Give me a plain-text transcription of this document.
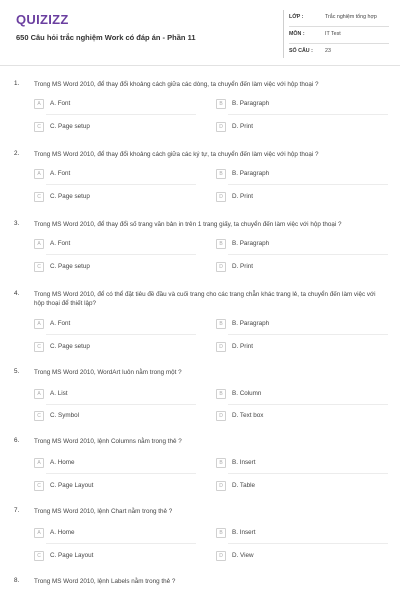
QUIZIZZ
650 Câu hỏi trắc nghiệm Work có đáp án - Phần 11
LỚP :	Trắc nghiệm tổng hợp
MÔN :	IT Test
SỐ CÂU : 23
1. Trong MS Word 2010, để thay đổi khoảng cách giữa các dòng, ta chuyển đến làm việc với hộp thoại ?
A	A. Font	B	B. Paragraph
C	C. Page setup	D	D. Print
2. Trong MS Word 2010, để thay đổi khoảng cách giữa các ký tự, ta chuyển đến làm việc với hộp thoại ?
A	A. Font	B	B. Paragraph
C	C. Page setup	D	D. Print
3. Trong MS Word 2010, để thay đổi số trang văn bản in trên 1 trang giấy, ta chuyển đến làm việc với hộp thoại ?
A	A. Font	B	B. Paragraph
C	C. Page setup	D	D. Print
4. Trong MS Word 2010, để có thể đặt tiêu đề đầu và cuối trang cho các trang chẵn khác trang lẻ, ta chuyển đến làm việc với hộp thoại để thiết lập?
A	A. Font	B	B. Paragraph
C	C. Page setup	D	D. Print
5. Trong MS Word 2010, WordArt luôn nằm trong một ?
A	A. List	B	B. Column
C	C. Symbol	D	D. Text box
6. Trong MS Word 2010, lệnh Columns nằm trong thẻ ?
A	A. Home	B	B. Insert
C	C. Page Layout	D	D. Table
7. Trong MS Word 2010, lệnh Chart nằm trong thẻ ?
A	A. Home	B	B. Insert
C	C. Page Layout	D	D. View
8. Trong MS Word 2010, lệnh Labels nằm trong thẻ ?
